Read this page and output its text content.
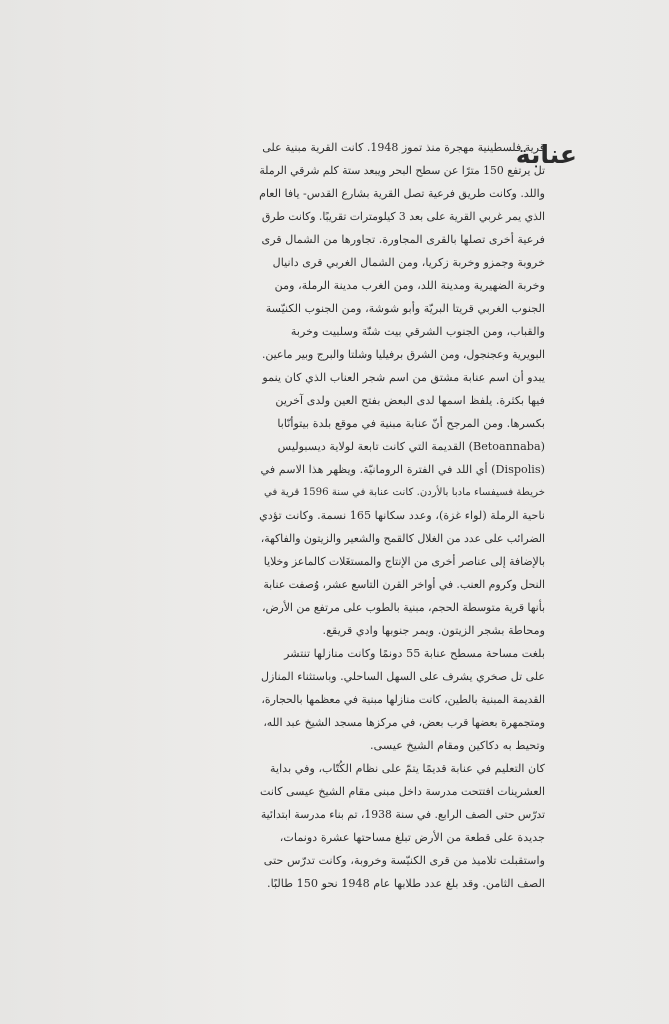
عنابة
قرية فلسطينية مهجرة منذ تموز 1948. كانت القرية مبنية على
تل يرتفع 150 مترًا عن سطح البحر ويبعد ستة كلم شرقي الرملة
واللد. وكانت طريق فرعية تصل القرية بشارع القدس- يافا العام
الذي يمر غربي القرية على بعد 3 كيلومترات تقريبًا. وكانت طرق
فرعية أخرى تصلها بالقرى المجاورة. تجاورها من الشمال قرى
خروبة وجمزو وخربة زكريا، ومن الشمال الغربي قرى دانيال
وخربة الضهيرية ومدينة اللد، ومن الغرب مدينة الرملة، ومن
الجنوب الغربي قريتا البريّة وأبو شوشة، ومن الجنوب الكنيّسة
والقباب، ومن الجنوب الشرقي بيت شنّة وسلبيت وخربة
البويرية وعجنجول، ومن الشرق برفيليا وشلتا والبرج وبير ماعين.
يبدو أن اسم عنابة مشتق من اسم شجر العناب الذي كان ينمو
فيها بكثرة. يلفظ اسمها لدى البعض بفتح العين ولدى آخرين
بكسرها. ومن المرجح أنّ عنابة مبنية في موقع بلدة بيتوأنّابا
(Betoannaba) القديمة التي كانت تابعة لولاية ديسبوليس
(Dispolis) أي اللد في الفترة الرومانيّة. ويظهر هذا الاسم في
خريطة فسيفساء مادبا بالأردن. كانت عنابة في سنة 1596 قرية في
ناحية الرملة (لواء غزة)، وعدد سكانها 165 نسمة. وكانت تؤدي
الضرائب على عدد من الغلال كالقمح والشعير والزيتون والفاكهة،
بالإضافة إلى عناصر أخرى من الإنتاج والمستغَلات كالماعز وخلايا
النحل وكروم العنب. في أواخر القرن التاسع عشر، وُصفت عنابة
بأنها قرية متوسطة الحجم، مبنية بالطوب على مرتفع من الأرض،
ومحاطة بشجر الزيتون. ويمر جنوبها وادي قريقع.
بلغت مساحة مسطح عنابة 55 دونمًا وكانت منازلها تنتشر
على تل صخري يشرف على السهل الساحلي. وباستثناء المنازل
القديمة المبنية بالطين، كانت منازلها مبنية في معظمها بالحجارة،
ومتجمهرة بعضها قرب بعض، في مركزها مسجد الشيخ عبد الله،
وتحيط به دكاكين ومقام الشيخ عيسى.
كان التعليم في عنابة قديمًا يتمّ على نظام الكُتّاب، وفي بداية
العشرينات افتتحت مدرسة داخل مبنى مقام الشيخ عيسى كانت
تدرّس حتى الصف الرابع. في سنة 1938، تم بناء مدرسة ابتدائية
جديدة على قطعة من الأرض تبلغ مساحتها عشرة دونمات،
واستقبلت تلاميذ من قرى الكنيّسة وخروبة، وكانت تدرّس حتى
الصف الثامن. وقد بلغ عدد طلابها عام 1948 نحو 150 طالبًا.
